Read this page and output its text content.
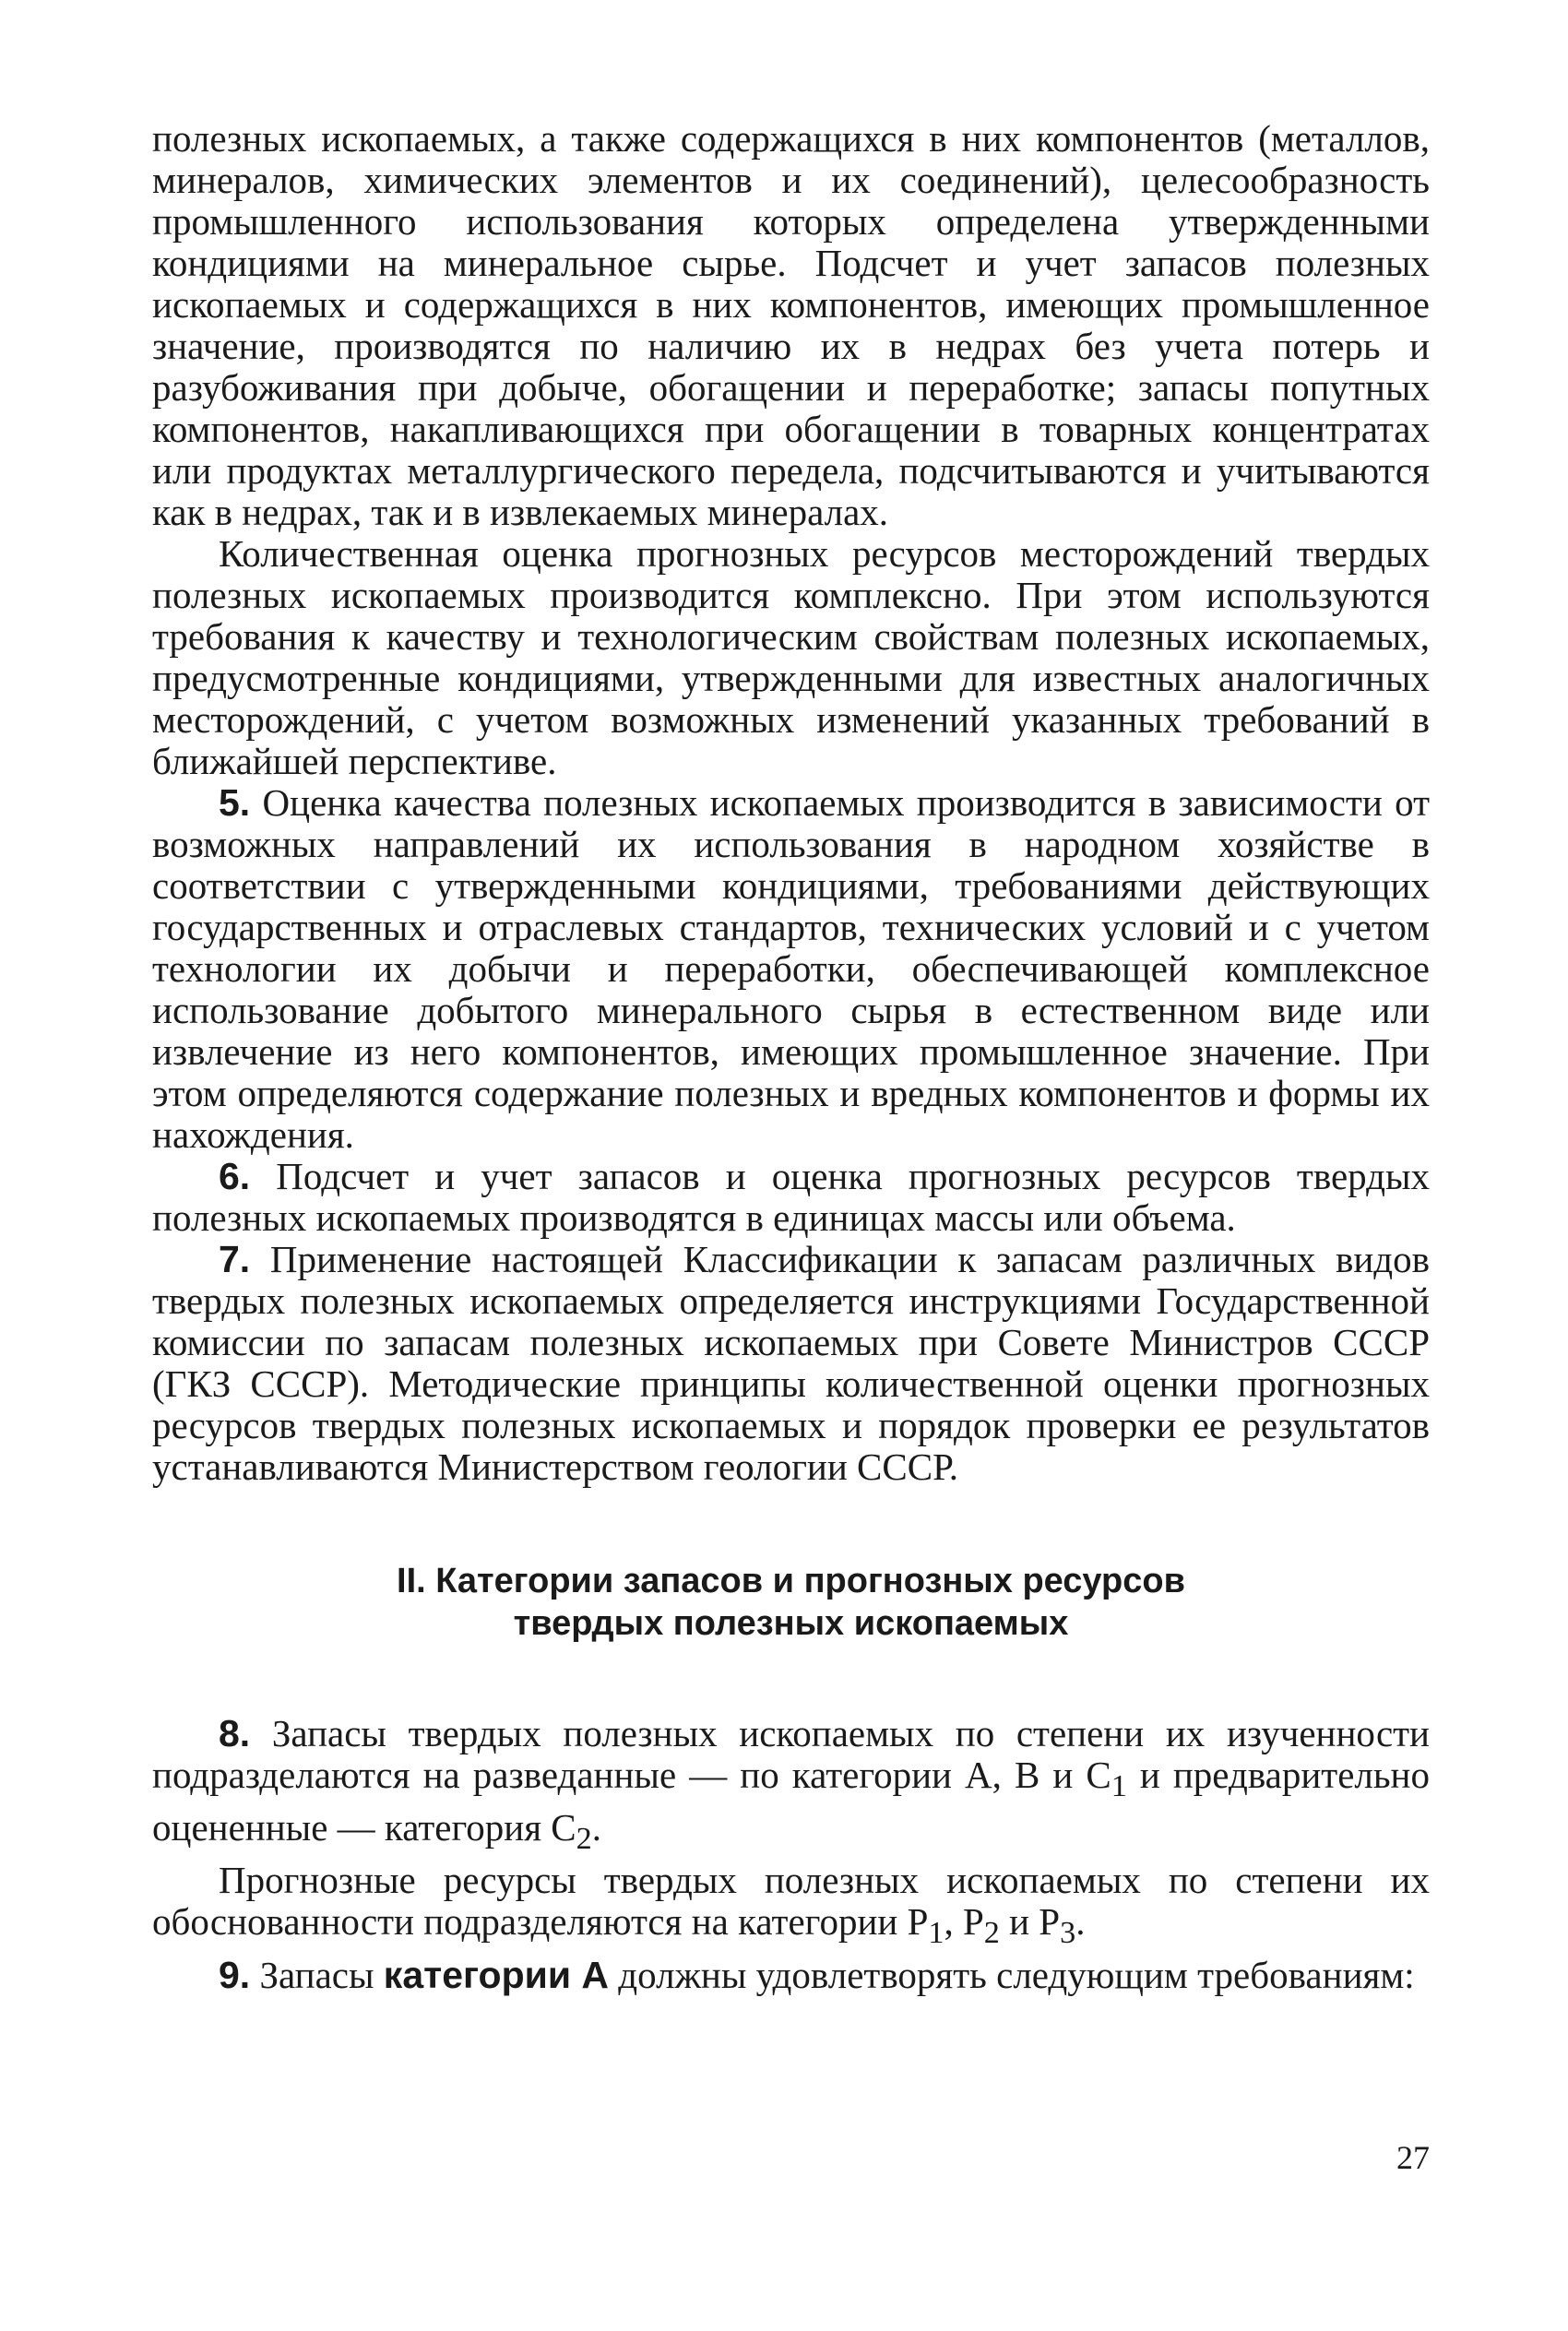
полезных ископаемых, а также содержащихся в них компонентов (металлов, минералов, химических элементов и их соединений), целесообразность промышленного использования которых определена утвержденными кондициями на минеральное сырье. Подсчет и учет запасов полезных ископаемых и содержащихся в них компонентов, имеющих промышленное значение, производятся по наличию их в недрах без учета потерь и разубоживания при добыче, обогащении и переработке; запасы попутных компонентов, накапливающихся при обогащении в товарных концентратах или продуктах металлургического передела, подсчитываются и учитываются как в недрах, так и в извлекаемых минералах.

Количественная оценка прогнозных ресурсов месторождений твердых полезных ископаемых производится комплексно. При этом используются требования к качеству и технологическим свойствам полезных ископаемых, предусмотренные кондициями, утвержденными для известных аналогичных месторождений, с учетом возможных изменений указанных требований в ближайшей перспективе.

5. Оценка качества полезных ископаемых производится в зависимости от возможных направлений их использования в народном хозяйстве в соответствии с утвержденными кондициями, требованиями действующих государственных и отраслевых стандартов, технических условий и с учетом технологии их добычи и переработки, обеспечивающей комплексное использование добытого минерального сырья в естественном виде или извлечение из него компонентов, имеющих промышленное значение. При этом определяются содержание полезных и вредных компонентов и формы их нахождения.

6. Подсчет и учет запасов и оценка прогнозных ресурсов твердых полезных ископаемых производятся в единицах массы или объема.

7. Применение настоящей Классификации к запасам различных видов твердых полезных ископаемых определяется инструкциями Государственной комиссии по запасам полезных ископаемых при Совете Министров СССР (ГКЗ СССР). Методические принципы количественной оценки прогнозных ресурсов твердых полезных ископаемых и порядок проверки ее результатов устанавливаются Министерством геологии СССР.

II. Категории запасов и прогнозных ресурсов
твердых полезных ископаемых

8. Запасы твердых полезных ископаемых по степени их изученности подразделаются на разведанные — по категории А, В и $С_1$ и предварительно оцененные — категория $С_2$.

Прогнозные ресурсы твердых полезных ископаемых по степени их обоснованности подразделяются на категории $Р_1$, $Р_2$ и $Р_3$.

9. Запасы категории А должны удовлетворять следующим требованиям:

27
